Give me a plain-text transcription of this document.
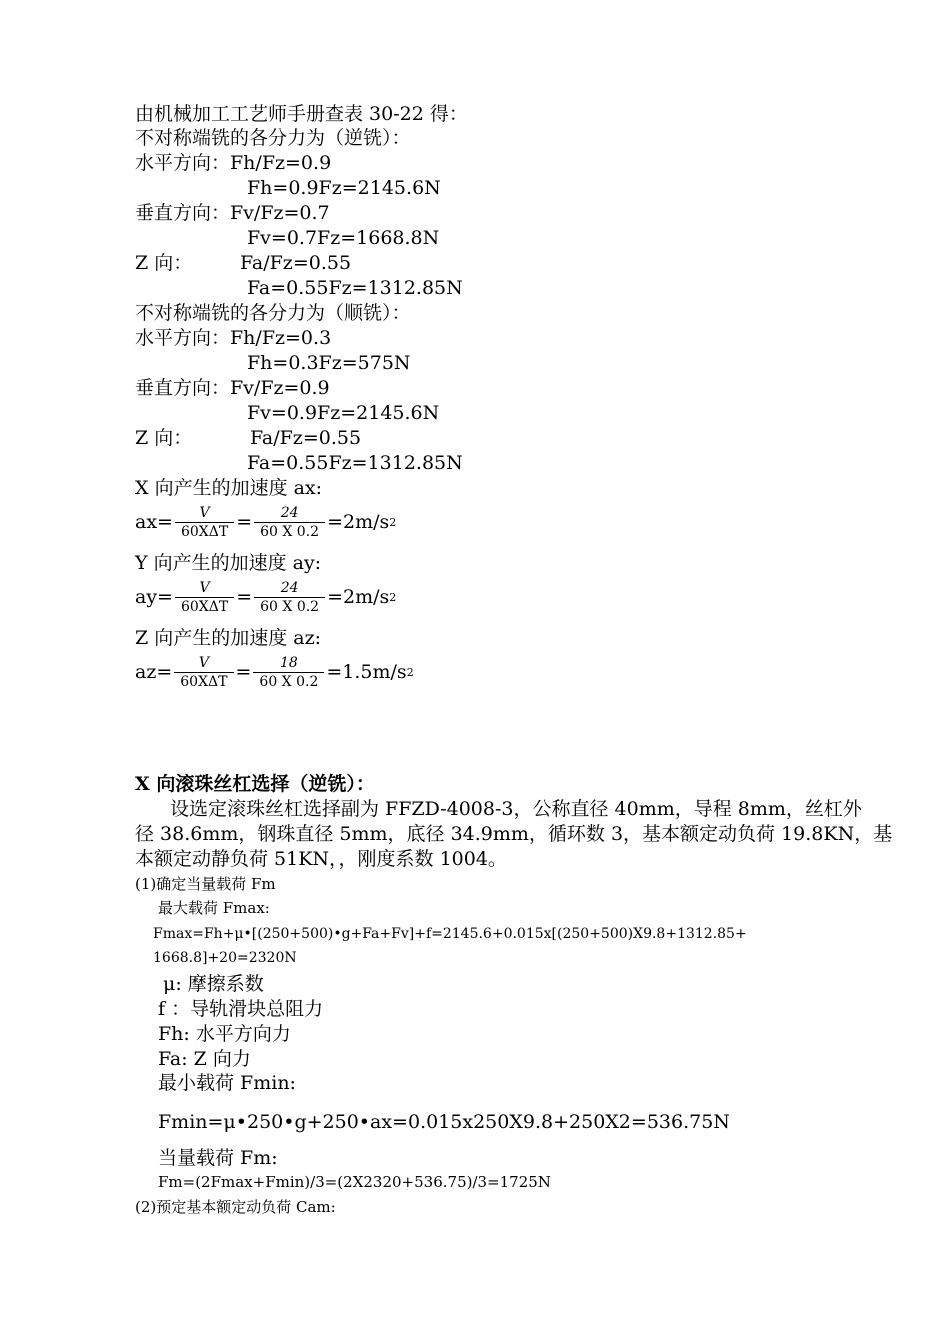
由机械加工工艺师手册查表 30-22 得：
不对称端铣的各分力为（逆铣）：
水平方向：Fh/Fz=0.9
Fh=0.9Fz=2145.6N
垂直方向：Fv/Fz=0.7
Fv=0.7Fz=1668.8N
Z 向：	Fa/Fz=0.55
Fa=0.55Fz=1312.85N
不对称端铣的各分力为（顺铣）：
水平方向：Fh/Fz=0.3
Fh=0.3Fz=575N
垂直方向：Fv/Fz=0.9
Fv=0.9Fz=2145.6N
Z 向：	Fa/Fz=0.55
Fa=0.55Fz=1312.85N
X 向产生的加速度 ax:
$ax= \frac{V}{\text{60XΔT}} = \frac{24}{60 X 0.2} =2m/s$ 2
Y 向产生的加速度 ay:
$ay= \frac{V}{\text{60XΔT}} = \frac{24}{60 X 0.2} =2m/s$ 2
Z 向产生的加速度 az:
$az= \frac{V}{\text{60XΔT}} = \frac{18}{60 X 0.2} =1.5m/s$ 2
X 向滚珠丝杠选择（逆铣）：
设选定滚珠丝杠选择副为 FFZD-4008-3，公称直径 40mm，导程 8mm，丝杠外
径 38.6mm，钢珠直径 5mm，底径 34.9mm，循环数 3，基本额定动负荷 19.8KN，基
本额定动静负荷 51KN，，刚度系数 1004。
(1)确定当量载荷 Fm
最大载荷 Fmax:
Fmax=Fh+μ•[(250+500)•g+Fa+Fv]+f=2145.6+0.015x[(250+500)X9.8+1312.85+
1668.8]+20=2320N
μ: 摩擦系数
f ：导轨滑块总阻力
Fh: 水平方向力
Fa: Z 向力
最小载荷 Fmin:
Fmin=μ•250•g+250•ax=0.015x250X9.8+250X2=536.75N
当量载荷 Fm:
Fm=(2Fmax+Fmin)/3=(2X2320+536.75)/3=1725N
(2)预定基本额定动负荷 Cam:
